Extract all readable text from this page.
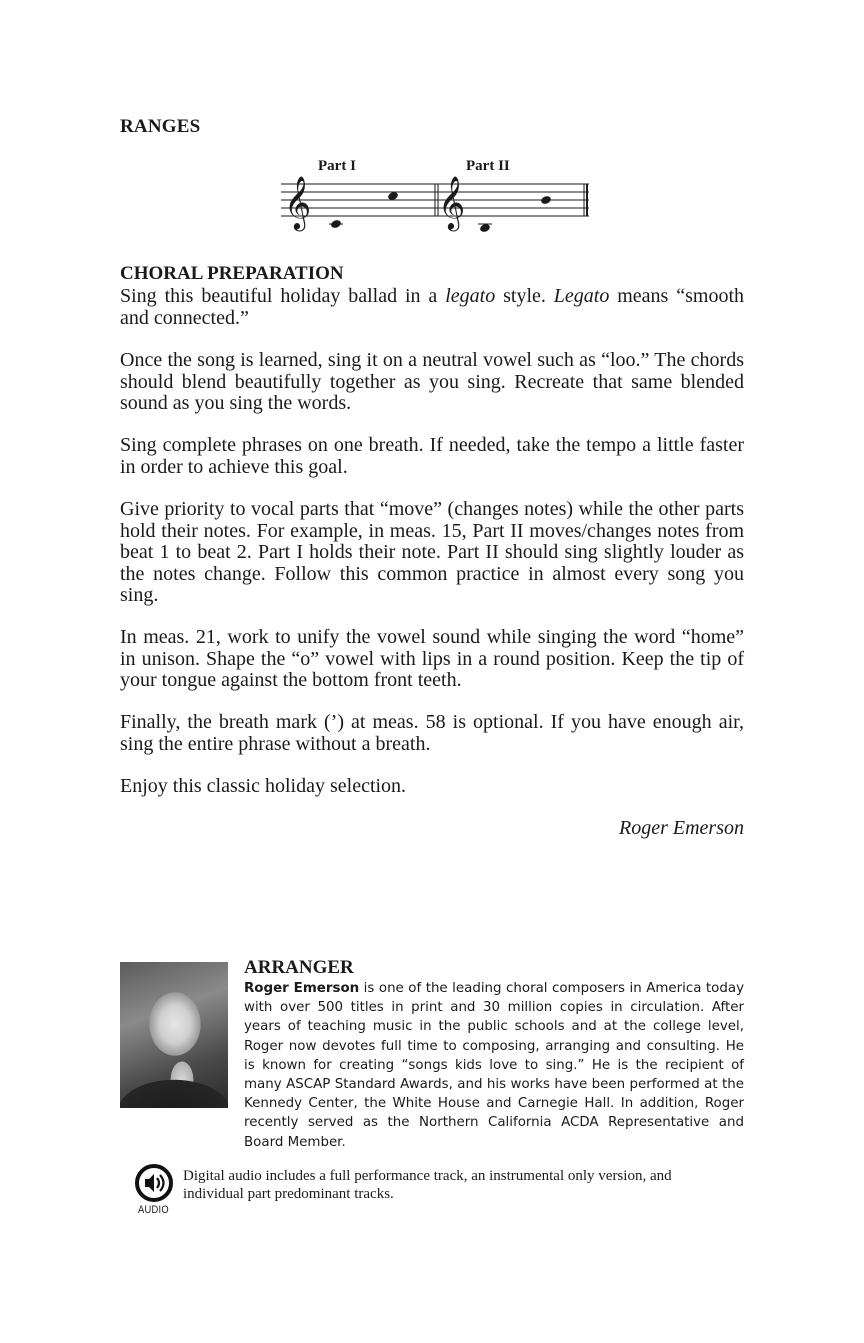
RANGES
Part I	Part II
𝄞	𝄞
CHORAL PREPARATION

Sing this beautiful holiday ballad in a legato style. Legato means “smooth and connected.”

Once the song is learned, sing it on a neutral vowel such as “loo.” The chords should blend beautifully together as you sing. Recreate that same blended sound as you sing the words.

Sing complete phrases on one breath. If needed, take the tempo a little faster in order to achieve this goal.

Give priority to vocal parts that “move” (changes notes) while the other parts hold their notes. For example, in meas. 15, Part II moves/changes notes from beat 1 to beat 2. Part I holds their note. Part II should sing slightly louder as the notes change. Follow this common practice in almost every song you sing.

In meas. 21, work to unify the vowel sound while singing the word “home” in unison. Shape the “o” vowel with lips in a round position. Keep the tip of your tongue against the bottom front teeth.

Finally, the breath mark (’) at meas. 58 is optional. If you have enough air, sing the entire phrase without a breath.

Enjoy this classic holiday selection.

Roger Emerson
ARRANGER
Roger Emerson is one of the leading choral composers in America today with over 500 titles in print and 30 million copies in circulation. After years of teaching music in the public schools and at the college level, Roger now devotes full time to composing, arranging and consulting. He is known for creating “songs kids love to sing.” He is the recipient of many ASCAP Standard Awards, and his works have been performed at the Kennedy Center, the White House and Carnegie Hall. In addition, Roger recently served as the Northern California ACDA Representative and Board Member.
AUDIO
Digital audio includes a full performance track, an instrumental only version, and individual part predominant tracks.
